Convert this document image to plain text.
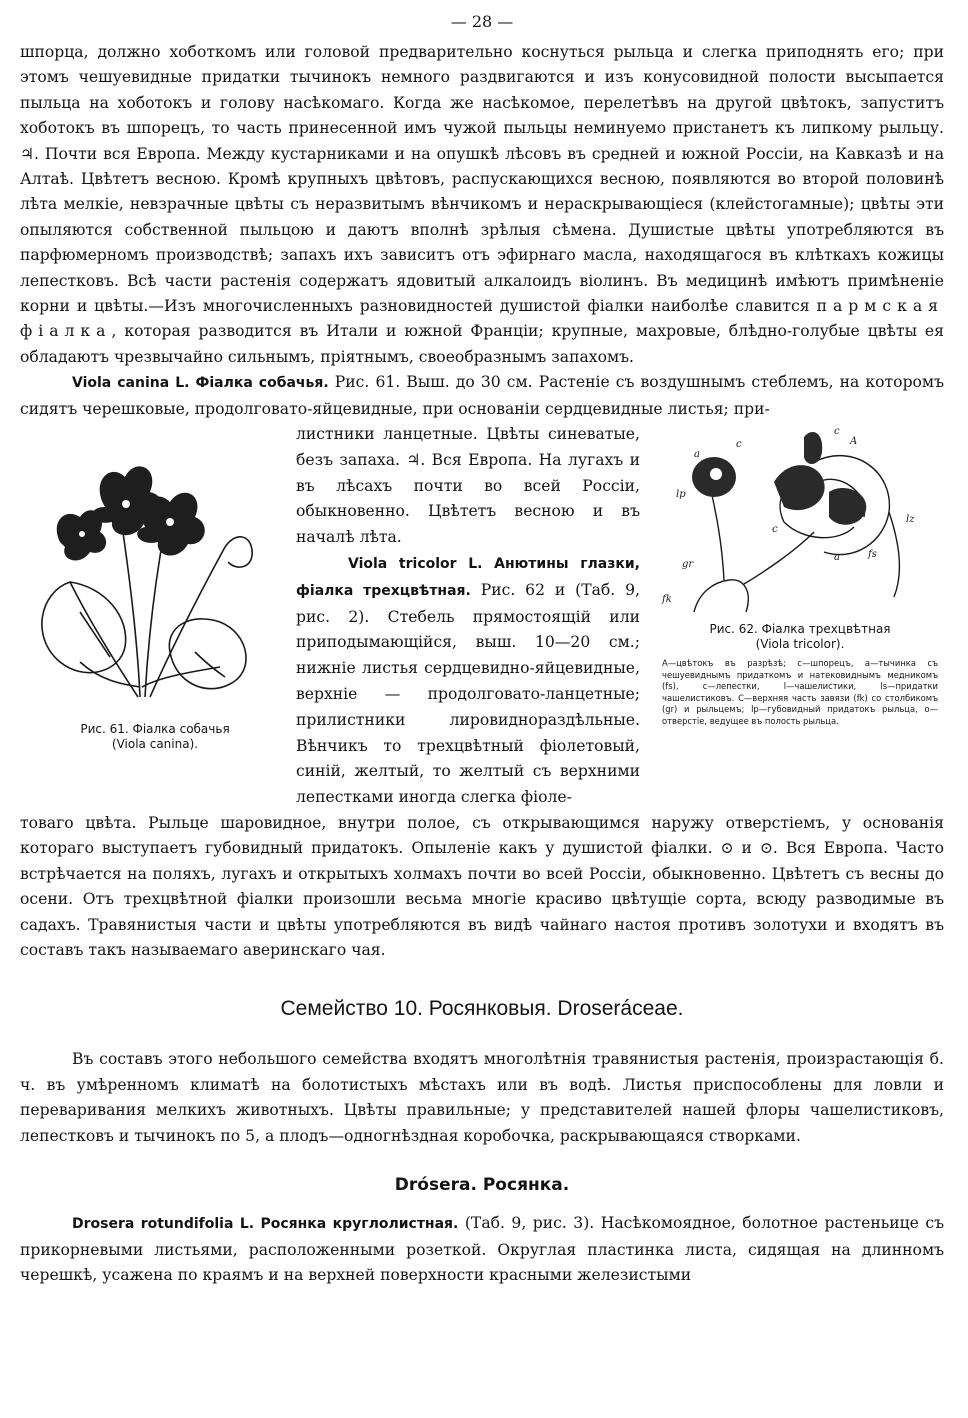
— 28 —

шпорца, должно хоботкомъ или головой предварительно коснуться рыльца и слегка приподнять его; при этомъ чешуевидные придатки тычинокъ немного раздвигаются и изъ конусовидной полости высыпается пыльца на хоботокъ и голову насѣкомаго. Когда же насѣкомое, перелетѣвъ на другой цвѣтокъ, запуститъ хоботокъ въ шпорецъ, то часть принесенной имъ чужой пыльцы неминуемо пристанетъ къ липкому рыльцу. ♃. Почти вся Европа. Между кустарниками и на опушкѣ лѣсовъ въ средней и южной Россіи, на Кавказѣ и на Алтаѣ. Цвѣтетъ весною. Кромѣ крупныхъ цвѣтовъ, распускающихся весною, появляются во второй половинѣ лѣта мелкіе, невзрачные цвѣты съ неразвитымъ вѣнчикомъ и нераскрывающіеся (клейстогамные); цвѣты эти опыляются собственной пыльцою и даютъ вполнѣ зрѣлыя сѣмена. Душистые цвѣты употребляются въ парфюмерномъ производствѣ; запахъ ихъ зависитъ отъ эфирнаго масла, находящагося въ клѣткахъ кожицы лепестковъ. Всѣ части растенія содержатъ ядовитый алкалоидъ віолинъ. Въ медицинѣ имѣютъ примѣненіе корни и цвѣты.—Изъ многочисленныхъ разновидностей душистой фіалки наиболѣе славится пармская фіалка, которая разводится въ Итали и южной Франціи; крупные, махровые, блѣдно-голубые цвѣты ея обладаютъ чрезвычайно сильнымъ, пріятнымъ, своеобразнымъ запахомъ.

Viola canina L. Фіалка собачья. Рис. 61. Выш. до 30 см. Растеніе съ воздушнымъ стеблемъ, на которомъ сидятъ черешковые, продолговато-яйцевидные, при основаніи сердцевидные листья; при-

Рис. 61. Фіалка собачья
(Viola canina).

листники ланцетные. Цвѣты синеватые, безъ запаха. ♃. Вся Европа. На лугахъ и въ лѣсахъ почти во всей Россіи, обыкновенно. Цвѣтетъ весною и въ началѣ лѣта.

Viola tricolor L. Анютины глазки, фіалка трехцвѣтная. Рис. 62 и (Таб. 9, рис. 2). Стебель прямостоящій или приподымающійся, выш. 10—20 см.; нижніе листья сердцевидно-яйцевидные, верхніе — продолговато-ланцетные; прилистники лировиднораздѣльные. Вѣнчикъ то трехцвѣтный фіолетовый, синій, желтый, то желтый съ верхними лепестками иногда слегка фіоле-

a
c
lp
gr
fk
A
c
lz
fs
a
c
Рис. 62. Фіалка трехцвѣтная
(Viola tricolor).
А—цвѣтокъ въ разрѣзѣ; с—шпорецъ, а—тычинка съ чешуевиднымъ придаткомъ и натековиднымъ медникомъ (fs), с—лепестки, l—чашелистики, ls—придатки чашелистиковъ. С—верхняя часть завязи (fk) со столбикомъ (gr) и рыльцемъ; lp—губовидный придатокъ рыльца, о—отверстіе, ведущее въ полость рыльца.

товаго цвѣта. Рыльце шаровидное, внутри полое, съ открывающимся наружу отверстіемъ, у основанія котораго выступаетъ губовидный придатокъ. Опыленіе какъ у душистой фіалки. ⊙ и ⊙. Вся Европа. Часто встрѣчается на поляхъ, лугахъ и открытыхъ холмахъ почти во всей Россіи, обыкновенно. Цвѣтетъ съ весны до осени. Отъ трехцвѣтной фіалки произошли весьма многіе красиво цвѣтущіе сорта, всюду разводимые въ садахъ. Травянистыя части и цвѣты употребляются въ видѣ чайнаго настоя противъ золотухи и входятъ въ составъ такъ называемаго аверинскаго чая.

Семейство 10. Росянковыя. Droseráceae.

Въ составъ этого небольшого семейства входятъ многолѣтнія травянистыя растенія, произрастающія б. ч. въ умѣренномъ климатѣ на болотистыхъ мѣстахъ или въ водѣ. Листья приспособлены для ловли и переваривания мелкихъ животныхъ. Цвѣты правильные; у представителей нашей флоры чашелистиковъ, лепестковъ и тычинокъ по 5, а плодъ—одногнѣздная коробочка, раскрывающаяся створками.

Drósera. Росянка.

Drosera rotundifolia L. Росянка круглолистная. (Таб. 9, рис. 3). Насѣкомоядное, болотное растеньице съ прикорневыми листьями, расположенными розеткой. Округлая пластинка листа, сидящая на длинномъ черешкѣ, усажена по краямъ и на верхней поверхности красными железистыми
